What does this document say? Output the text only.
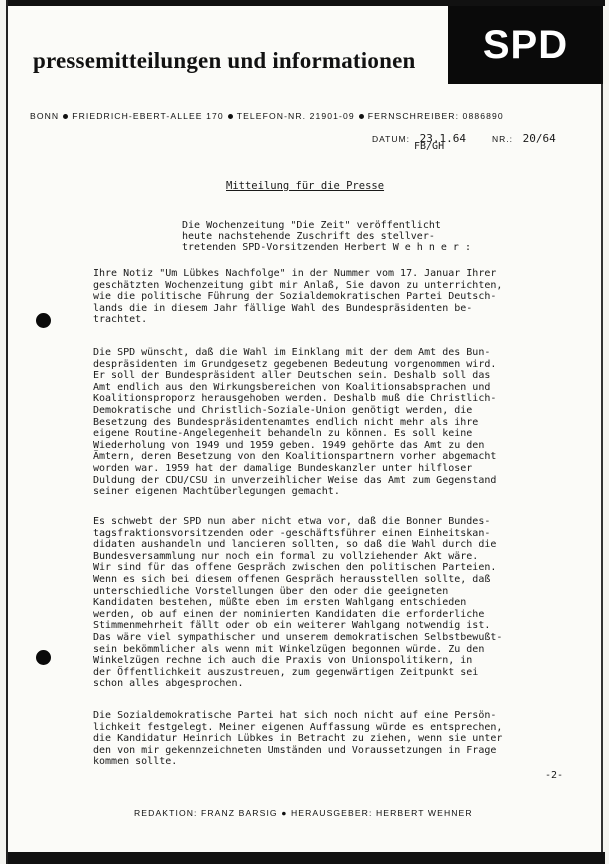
pressemitteilungen und informationen SPD
BONN FRIEDRICH-EBERT-ALLEE 170 TELEFON-NR. 21901-09 FERNSCHREIBER: 0886890
DATUM: 23.1.64	NR.: 20/64
FB/GH
Mitteilung für die Presse
Die Wochenzeitung "Die Zeit" veröffentlicht
heute nachstehende Zuschrift des stellver-
tretenden SPD-Vorsitzenden Herbert W e h n e r :
Ihre Notiz "Um Lübkes Nachfolge" in der Nummer vom 17. Januar Ihrer
geschätzten Wochenzeitung gibt mir Anlaß, Sie davon zu unterrichten,
wie die politische Führung der Sozialdemokratischen Partei Deutsch-
lands die in diesem Jahr fällige Wahl des Bundespräsidenten be-
trachtet.
Die SPD wünscht, daß die Wahl im Einklang mit der dem Amt des Bun-
despräsidenten im Grundgesetz gegebenen Bedeutung vorgenommen wird.
Er soll der Bundespräsident aller Deutschen sein. Deshalb soll das
Amt endlich aus den Wirkungsbereichen von Koalitionsabsprachen und
Koalitionsproporz herausgehoben werden. Deshalb muß die Christlich-
Demokratische und Christlich-Soziale-Union genötigt werden, die
Besetzung des Bundespräsidentenamtes endlich nicht mehr als ihre
eigene Routine-Angelegenheit behandeln zu können. Es soll keine
Wiederholung von 1949 und 1959 geben. 1949 gehörte das Amt zu den
Ämtern, deren Besetzung von den Koalitionspartnern vorher abgemacht
worden war. 1959 hat der damalige Bundeskanzler unter hilfloser
Duldung der CDU/CSU in unverzeihlicher Weise das Amt zum Gegenstand
seiner eigenen Machtüberlegungen gemacht.
Es schwebt der SPD nun aber nicht etwa vor, daß die Bonner Bundes-
tagsfraktionsvorsitzenden oder -geschäftsführer einen Einheitskan-
didaten aushandeln und lancieren sollten, so daß die Wahl durch die
Bundesversammlung nur noch ein formal zu vollziehender Akt wäre.
Wir sind für das offene Gespräch zwischen den politischen Parteien.
Wenn es sich bei diesem offenen Gespräch herausstellen sollte, daß
unterschiedliche Vorstellungen über den oder die geeigneten
Kandidaten bestehen, müßte eben im ersten Wahlgang entschieden
werden, ob auf einen der nominierten Kandidaten die erforderliche
Stimmenmehrheit fällt oder ob ein weiterer Wahlgang notwendig ist.
Das wäre viel sympathischer und unserem demokratischen Selbstbewußt-
sein bekömmlicher als wenn mit Winkelzügen begonnen würde. Zu den
Winkelzügen rechne ich auch die Praxis von Unionspolitikern, in
der Öffentlichkeit auszustreuen, zum gegenwärtigen Zeitpunkt sei
schon alles abgesprochen.
Die Sozialdemokratische Partei hat sich noch nicht auf eine Persön-
lichkeit festgelegt. Meiner eigenen Auffassung würde es entsprechen,
die Kandidatur Heinrich Lübkes in Betracht zu ziehen, wenn sie unter
den von mir gekennzeichneten Umständen und Voraussetzungen in Frage
kommen sollte.
-2-
REDAKTION: FRANZ BARSIG ● HERAUSGEBER: HERBERT WEHNER
